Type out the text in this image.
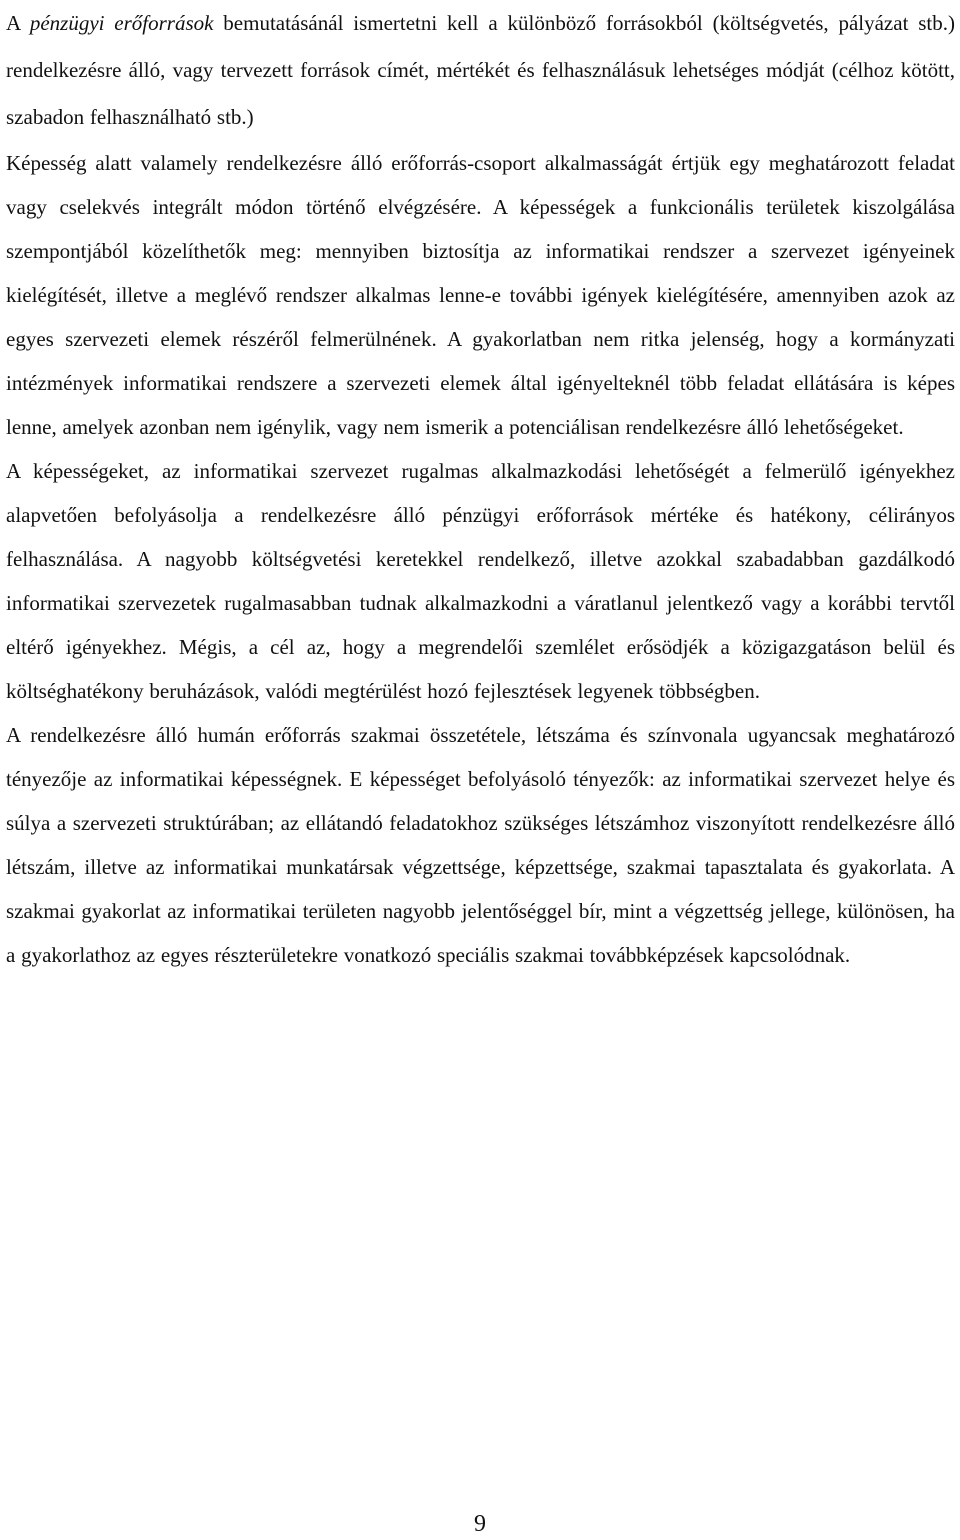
A pénzügyi erőforrások bemutatásánál ismertetni kell a különböző forrásokból (költségvetés, pályázat stb.) rendelkezésre álló, vagy tervezett források címét, mértékét és felhasználásuk lehetséges módját (célhoz kötött, szabadon felhasználható stb.)

Képesség alatt valamely rendelkezésre álló erőforrás-csoport alkalmasságát értjük egy meghatározott feladat vagy cselekvés integrált módon történő elvégzésére. A képességek a funkcionális területek kiszolgálása szempontjából közelíthetők meg: mennyiben biztosítja az informatikai rendszer a szervezet igényeinek kielégítését, illetve a meglévő rendszer alkalmas lenne-e további igények kielégítésére, amennyiben azok az egyes szervezeti elemek részéről felmerülnének. A gyakorlatban nem ritka jelenség, hogy a kormányzati intézmények informatikai rendszere a szervezeti elemek által igényelteknél több feladat ellátására is képes lenne, amelyek azonban nem igénylik, vagy nem ismerik a potenciálisan rendelkezésre álló lehetőségeket.

A képességeket, az informatikai szervezet rugalmas alkalmazkodási lehetőségét a felmerülő igényekhez alapvetően befolyásolja a rendelkezésre álló pénzügyi erőforrások mértéke és hatékony, célirányos felhasználása. A nagyobb költségvetési keretekkel rendelkező, illetve azokkal szabadabban gazdálkodó informatikai szervezetek rugalmasabban tudnak alkalmazkodni a váratlanul jelentkező vagy a korábbi tervtől eltérő igényekhez. Mégis, a cél az, hogy a megrendelői szemlélet erősödjék a közigazgatáson belül és költséghatékony beruházások, valódi megtérülést hozó fejlesztések legyenek többségben.

A rendelkezésre álló humán erőforrás szakmai összetétele, létszáma és színvonala ugyancsak meghatározó tényezője az informatikai képességnek. E képességet befolyásoló tényezők: az informatikai szervezet helye és súlya a szervezeti struktúrában; az ellátandó feladatokhoz szükséges létszámhoz viszonyított rendelkezésre álló létszám, illetve az informatikai munkatársak végzettsége, képzettsége, szakmai tapasztalata és gyakorlata. A szakmai gyakorlat az informatikai területen nagyobb jelentőséggel bír, mint a végzettség jellege, különösen, ha a gyakorlathoz az egyes részterületekre vonatkozó speciális szakmai továbbképzések kapcsolódnak.

9
